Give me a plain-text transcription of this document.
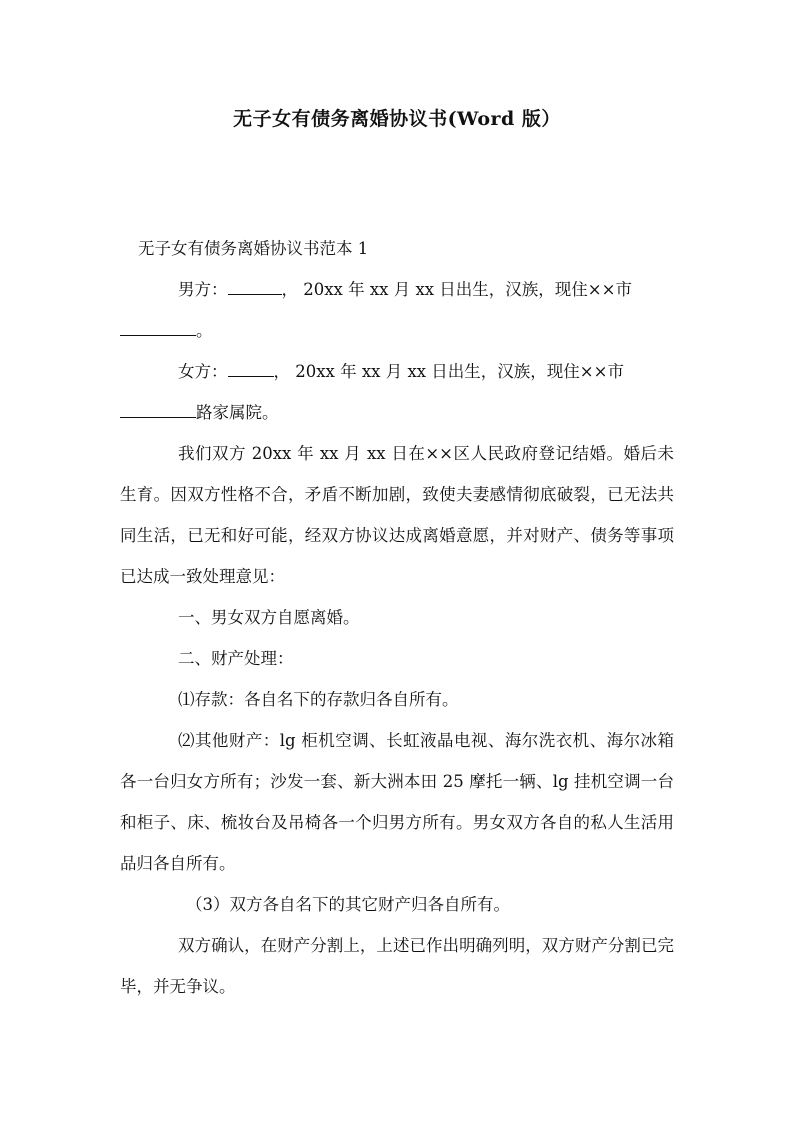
无子女有债务离婚协议书(Word 版）

无子女有债务离婚协议书范本 1

男方：	， 20xx 年 xx 月 xx 日出生，汉族，现住××市
。

女方：	， 20xx 年 xx 月 xx 日出生，汉族，现住××市
路家属院。

我们双方 20xx 年 xx 月 xx 日在××区人民政府登记结婚。婚后未生育。因双方性格不合，矛盾不断加剧，致使夫妻感情彻底破裂，已无法共同生活，已无和好可能，经双方协议达成离婚意愿，并对财产、债务等事项已达成一致处理意见：

一、男女双方自愿离婚。

二、财产处理：

⑴存款：各自名下的存款归各自所有。

⑵其他财产：lg 柜机空调、长虹液晶电视、海尔洗衣机、海尔冰箱各一台归女方所有；沙发一套、新大洲本田 25 摩托一辆、lg 挂机空调一台和柜子、床、梳妆台及吊椅各一个归男方所有。男女双方各自的私人生活用品归各自所有。

（3）双方各自名下的其它财产归各自所有。

双方确认，在财产分割上，上述已作出明确列明，双方财产分割已完毕，并无争议。
